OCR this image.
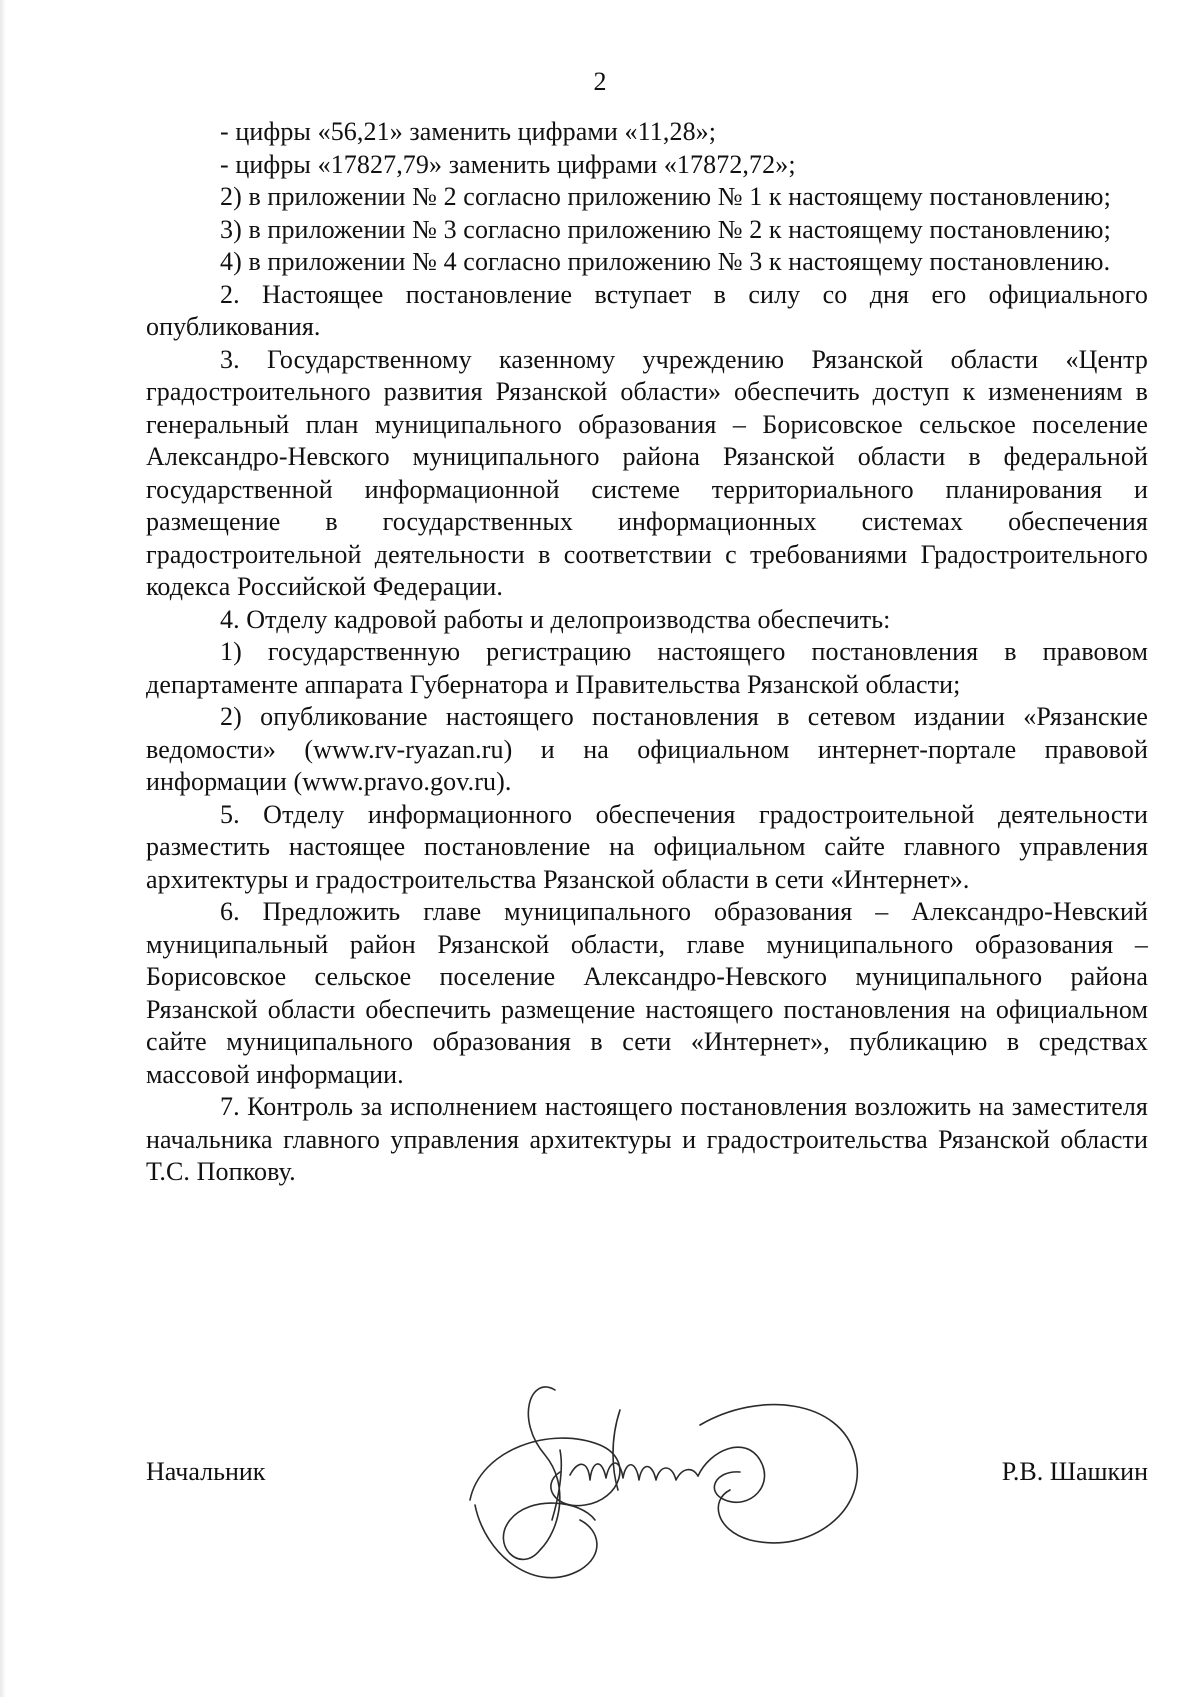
2

- цифры «56,21» заменить цифрами «11,28»;

- цифры «17827,79» заменить цифрами «17872,72»;

2) в приложении № 2 согласно приложению № 1 к настоящему постановлению;

3) в приложении № 3 согласно приложению № 2 к настоящему постановлению;

4) в приложении № 4 согласно приложению № 3 к настоящему постановлению.

2. Настоящее постановление вступает в силу со дня его официального опубликования.

3. Государственному казенному учреждению Рязанской области «Центр градостроительного развития Рязанской области» обеспечить доступ к изменениям в генеральный план муниципального образования – Борисовское сельское поселение Александро-Невского муниципального района Рязанской области в федеральной государственной информационной системе территориального планирования и размещение в государственных информационных системах обеспечения градостроительной деятельности в соответствии с требованиями Градостроительного кодекса Российской Федерации.

4. Отделу кадровой работы и делопроизводства обеспечить:

1) государственную регистрацию настоящего постановления в правовом департаменте аппарата Губернатора и Правительства Рязанской области;

2) опубликование настоящего постановления в сетевом издании «Рязанские ведомости» (www.rv-ryazan.ru) и на официальном интернет-портале правовой информации (www.pravo.gov.ru).

5. Отделу информационного обеспечения градостроительной деятельности разместить настоящее постановление на официальном сайте главного управления архитектуры и градостроительства Рязанской области в сети «Интернет».

6. Предложить главе муниципального образования – Александро-Невский муниципальный район Рязанской области, главе муниципального образования – Борисовское сельское поселение Александро-Невского муниципального района Рязанской области обеспечить размещение настоящего постановления на официальном сайте муниципального образования в сети «Интернет», публикацию в средствах массовой информации.

7. Контроль за исполнением настоящего постановления возложить на заместителя начальника главного управления архитектуры и градостроительства Рязанской области Т.С. Попкову.

Начальник	Р.В. Шашкин
